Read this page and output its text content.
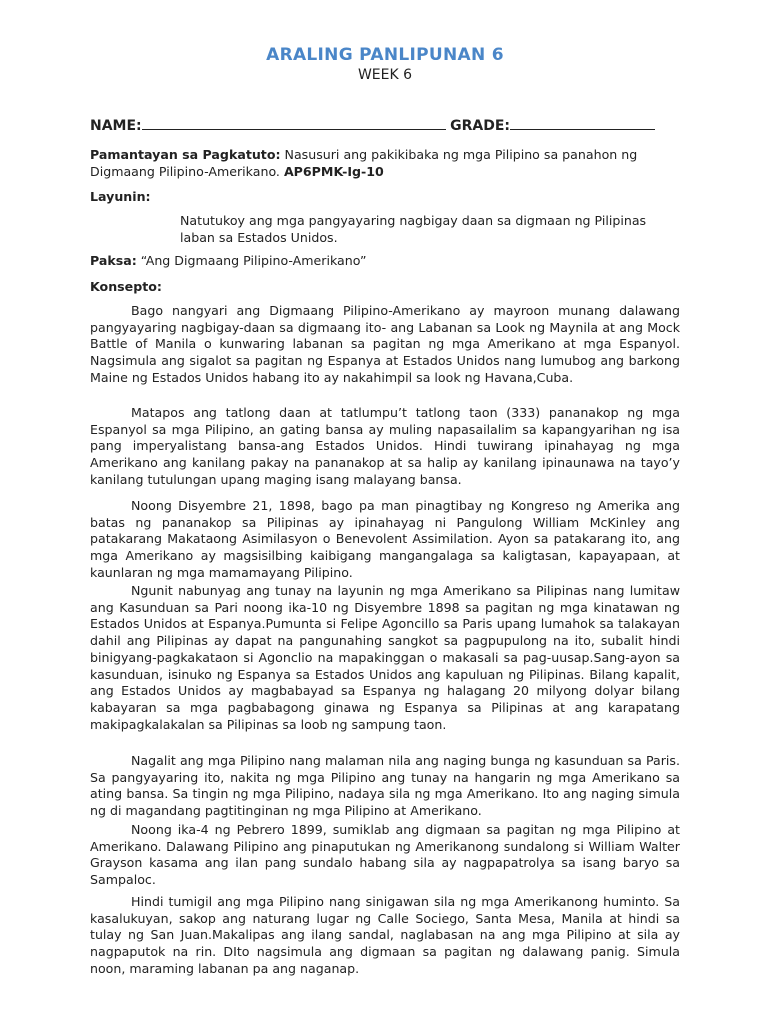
ARALING PANLIPUNAN 6
WEEK 6
NAME:	GRADE:
Pamantayan sa Pagkatuto: Nasusuri ang pakikibaka ng mga Pilipino sa panahon ng Digmaang Pilipino-Amerikano. AP6PMK-Ig-10
Layunin:
Natutukoy ang mga pangyayaring nagbigay daan sa digmaan ng Pilipinas laban sa Estados Unidos.
Paksa: “Ang Digmaang Pilipino-Amerikano”
Konsepto:
Bago nangyari ang Digmaang Pilipino-Amerikano ay mayroon munang dalawang pangyayaring nagbigay-daan sa digmaang ito- ang Labanan sa Look ng Maynila at ang Mock Battle of Manila o kunwaring labanan sa pagitan ng mga Amerikano at mga Espanyol. Nagsimula ang sigalot sa pagitan ng Espanya at Estados Unidos nang lumubog ang barkong Maine ng Estados Unidos habang ito ay nakahimpil sa look ng Havana,Cuba.
Matapos ang tatlong daan at tatlumpu’t tatlong taon (333) pananakop ng mga Espanyol sa mga Pilipino, an gating bansa ay muling napasailalim sa kapangyarihan ng isa pang imperyalistang bansa-ang Estados Unidos. Hindi tuwirang ipinahayag ng mga Amerikano ang kanilang pakay na pananakop at sa halip ay kanilang ipinaunawa na tayo’y kanilang tutulungan upang maging isang malayang bansa.
Noong Disyembre 21, 1898, bago pa man pinagtibay ng Kongreso ng Amerika ang batas ng pananakop sa Pilipinas ay ipinahayag ni Pangulong William McKinley ang patakarang Makataong Asimilasyon o Benevolent Assimilation. Ayon sa patakarang ito, ang mga Amerikano ay magsisilbing kaibigang mangangalaga sa kaligtasan, kapayapaan, at kaunlaran ng mga mamamayang Pilipino.
Ngunit nabunyag ang tunay na layunin ng mga Amerikano sa Pilipinas nang lumitaw ang Kasunduan sa Pari noong ika-10 ng Disyembre 1898 sa pagitan ng mga kinatawan ng Estados Unidos at Espanya.Pumunta si Felipe Agoncillo sa Paris upang lumahok sa talakayan dahil ang Pilipinas ay dapat na pangunahing sangkot sa pagpupulong na ito, subalit hindi binigyang-pagkakataon si Agonclio na mapakinggan o makasali sa pag-uusap.Sang-ayon sa kasunduan, isinuko ng Espanya sa Estados Unidos ang kapuluan ng Pilipinas. Bilang kapalit, ang Estados Unidos ay magbabayad sa Espanya ng halagang 20 milyong dolyar bilang kabayaran sa mga pagbabagong ginawa ng Espanya sa Pilipinas at ang karapatang makipagkalakalan sa Pilipinas sa loob ng sampung taon.
Nagalit ang mga Pilipino nang malaman nila ang naging bunga ng kasunduan sa Paris. Sa pangyayaring ito, nakita ng mga Pilipino ang tunay na hangarin ng mga Amerikano sa ating bansa. Sa tingin ng mga Pilipino, nadaya sila ng mga Amerikano. Ito ang naging simula ng di magandang pagtitinginan ng mga Pilipino at Amerikano.
Noong ika-4 ng Pebrero 1899, sumiklab ang digmaan sa pagitan ng mga Pilipino at Amerikano. Dalawang Pilipino ang pinaputukan ng Amerikanong sundalong si William Walter Grayson kasama ang ilan pang sundalo habang sila ay nagpapatrolya sa isang baryo sa Sampaloc.
Hindi tumigil ang mga Pilipino nang sinigawan sila ng mga Amerikanong huminto. Sa kasalukuyan, sakop ang naturang lugar ng Calle Sociego, Santa Mesa, Manila at hindi sa tulay ng San Juan.Makalipas ang ilang sandal, naglabasan na ang mga Pilipino at sila ay nagpaputok na rin. DIto nagsimula ang digmaan sa pagitan ng dalawang panig. Simula noon, maraming labanan pa ang naganap.
